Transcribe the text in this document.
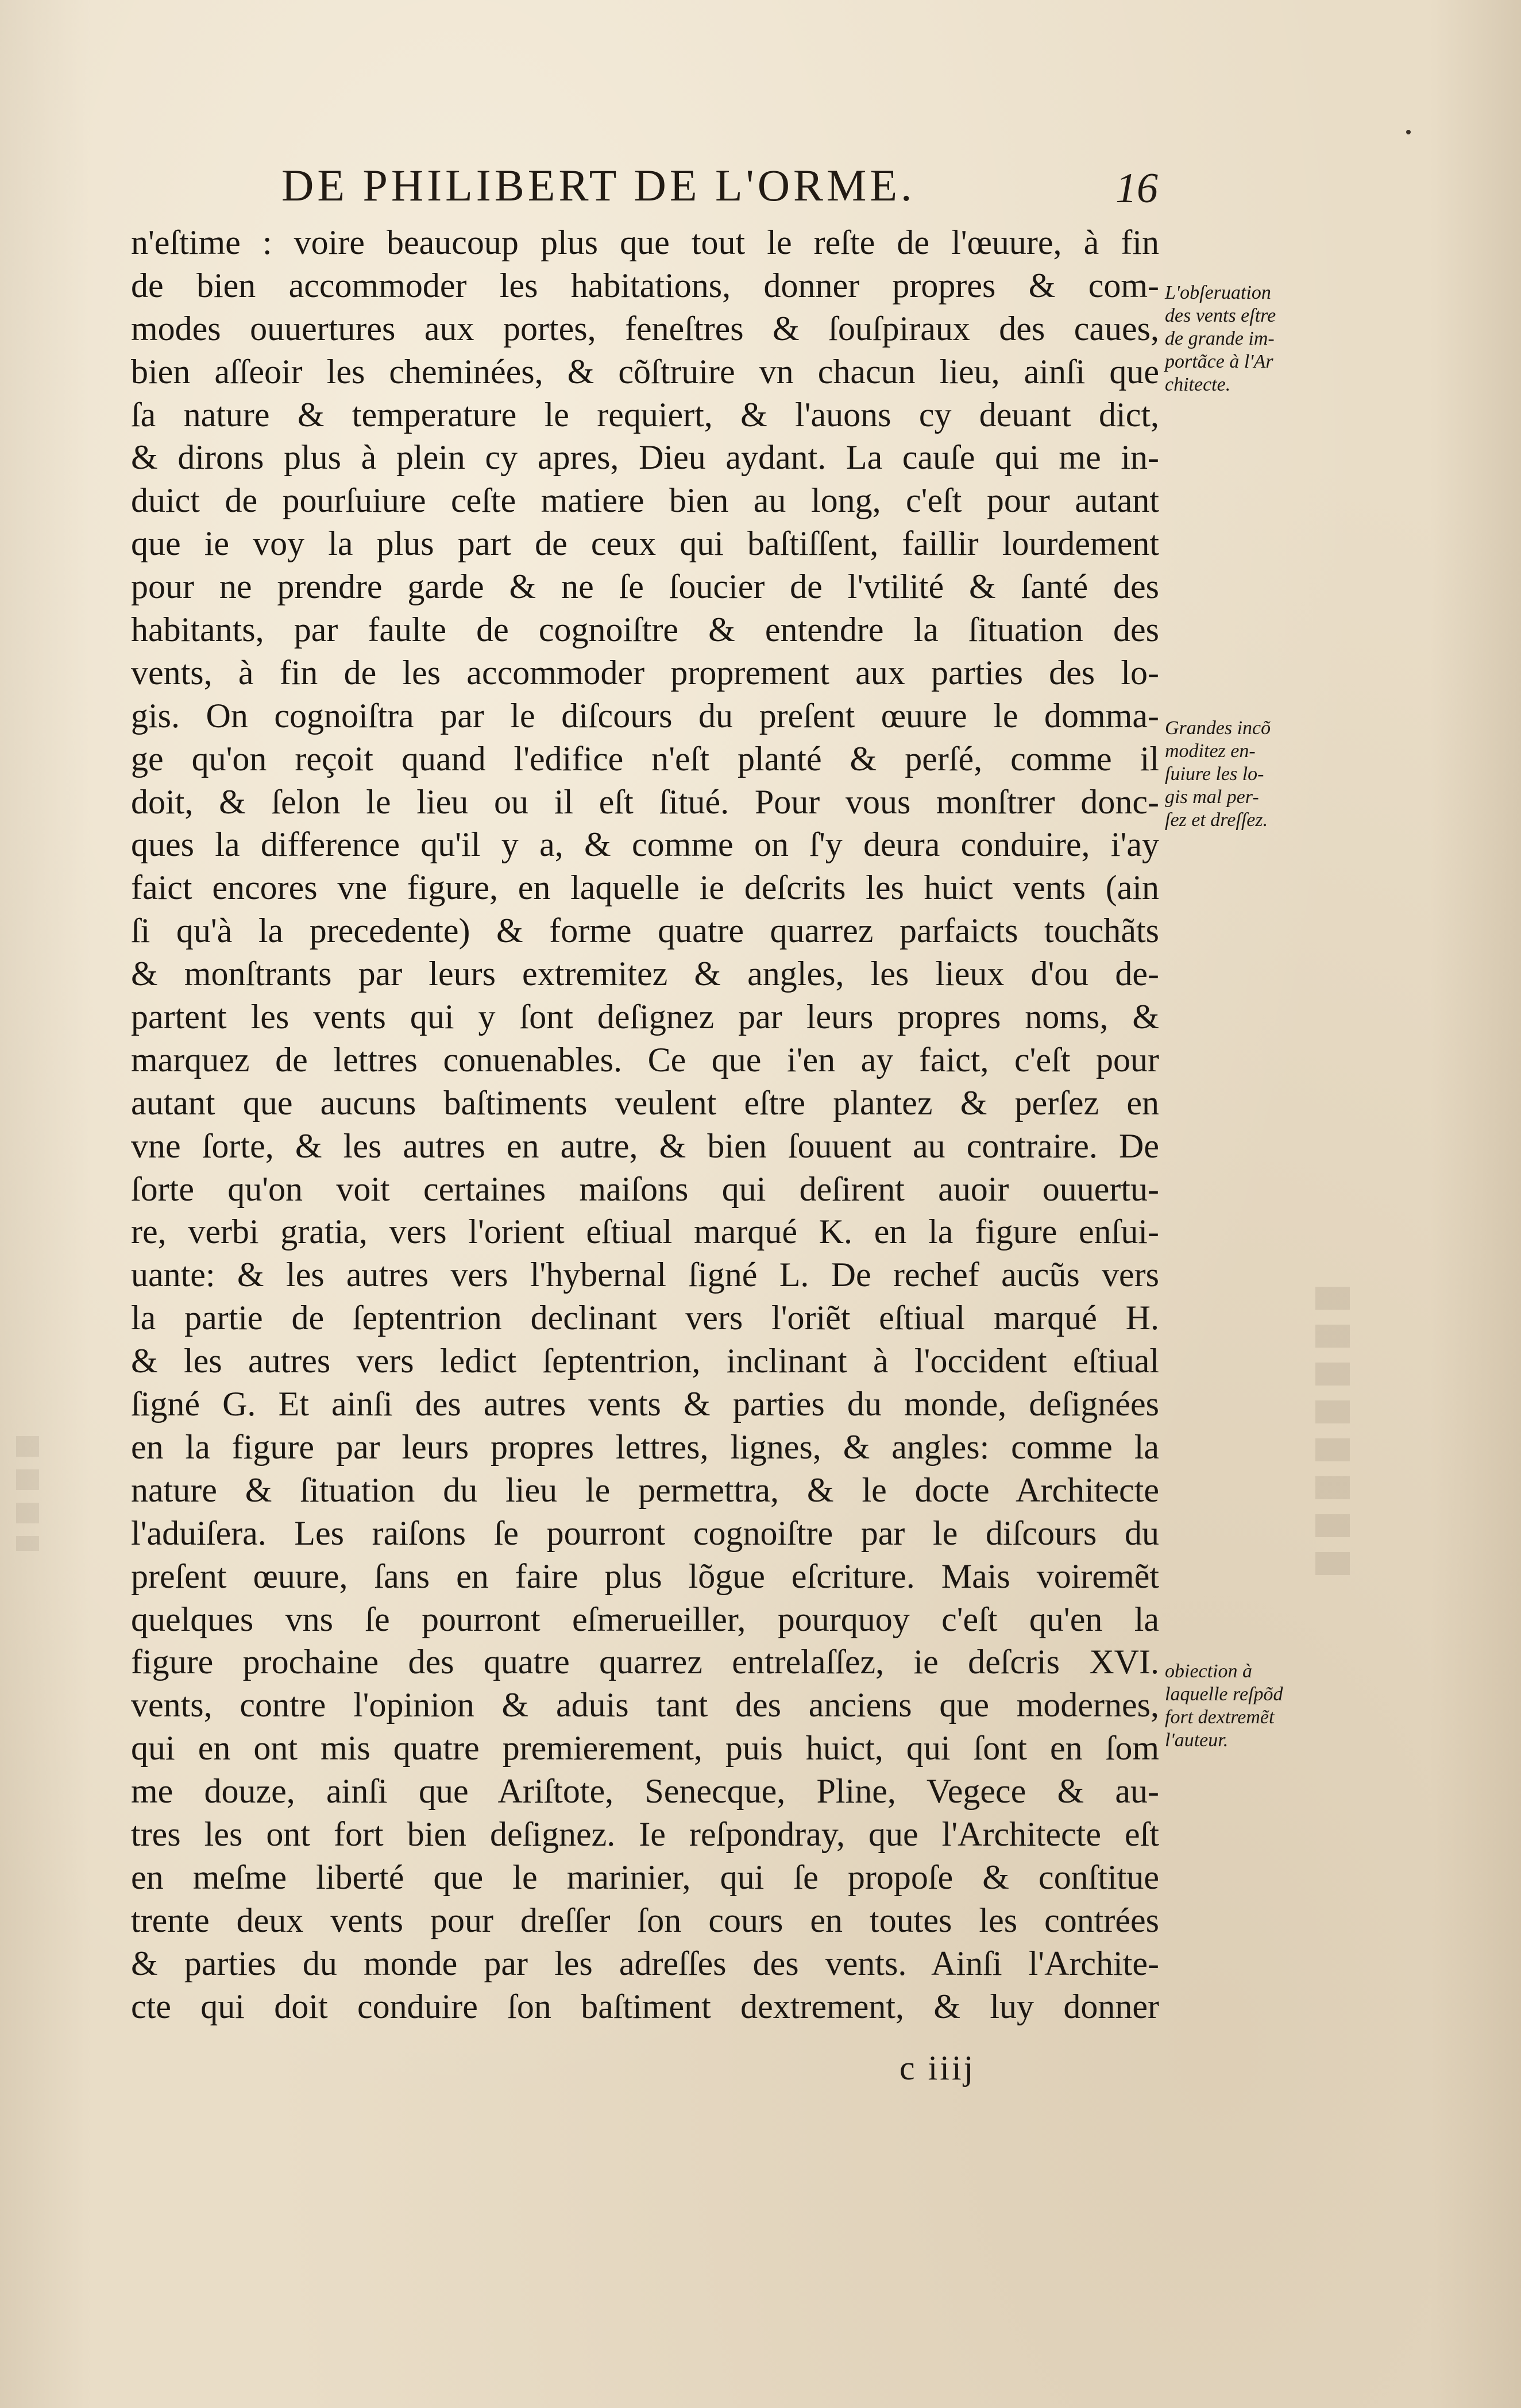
DE PHILIBERT DE L'ORME.	16
n'eſtime : voire beaucoup plus que tout le reſte de l'œuure, à fin
de bien accommoder les habitations, donner propres & com-
modes ouuertures aux portes, feneſtres & ſouſpiraux des caues,
bien aſſeoir les cheminées, & cõſtruire vn chacun lieu, ainſi que
ſa nature & temperature le requiert, & l'auons cy deuant dict,
& dirons plus à plein cy apres, Dieu aydant. La cauſe qui me in-
duict de pourſuiure ceſte matiere bien au long, c'eſt pour autant
que ie voy la plus part de ceux qui baſtiſſent, faillir lourdement
pour ne prendre garde & ne ſe ſoucier de l'vtilité & ſanté des
habitants, par faulte de cognoiſtre & entendre la ſituation des
vents, à fin de les accommoder proprement aux parties des lo-
gis. On cognoiſtra par le diſcours du preſent œuure le domma-
ge qu'on reçoit quand l'edifice n'eſt planté & perſé, comme il
doit, & ſelon le lieu ou il eſt ſitué. Pour vous monſtrer donc-
ques la difference qu'il y a, & comme on ſ'y deura conduire, i'ay
faict encores vne figure, en laquelle ie deſcrits les huict vents (ain
ſi qu'à la precedente) & forme quatre quarrez parfaicts touchãts
& monſtrants par leurs extremitez & angles, les lieux d'ou de-
partent les vents qui y ſont deſignez par leurs propres noms, &
marquez de lettres conuenables. Ce que i'en ay faict, c'eſt pour
autant que aucuns baſtiments veulent eſtre plantez & perſez en
vne ſorte, & les autres en autre, & bien ſouuent au contraire. De
ſorte qu'on voit certaines maiſons qui deſirent auoir ouuertu-
re, verbi gratia, vers l'orient eſtiual marqué K. en la figure enſui-
uante: & les autres vers l'hybernal ſigné L. De rechef aucũs vers
la partie de ſeptentrion declinant vers l'oriẽt eſtiual marqué H.
& les autres vers ledict ſeptentrion, inclinant à l'occident eſtiual
ſigné G. Et ainſi des autres vents & parties du monde, deſignées
en la figure par leurs propres lettres, lignes, & angles: comme la
nature & ſituation du lieu le permettra, & le docte Architecte
l'aduiſera. Les raiſons ſe pourront cognoiſtre par le diſcours du
preſent œuure, ſans en faire plus lõgue eſcriture. Mais voiremẽt
quelques vns ſe pourront eſmerueiller, pourquoy c'eſt qu'en la
figure prochaine des quatre quarrez entrelaſſez, ie deſcris XVI.
vents, contre l'opinion & aduis tant des anciens que modernes,
qui en ont mis quatre premierement, puis huict, qui ſont en ſom
me douze, ainſi que Ariſtote, Senecque, Pline, Vegece & au-
tres les ont fort bien deſignez. Ie reſpondray, que l'Architecte eſt
en meſme liberté que le marinier, qui ſe propoſe & conſtitue
trente deux vents pour dreſſer ſon cours en toutes les contrées
& parties du monde par les adreſſes des vents. Ainſi l'Archite-
cte qui doit conduire ſon baſtiment dextrement, & luy donner
L'obſeruation
des vents eſtre
de grande im-
portãce à l'Ar
chitecte.
Grandes incõ
moditez en-
ſuiure les lo-
gis mal per-
ſez et dreſſez.
obiection à
laquelle reſpõd
fort dextremẽt
l'auteur.
c iiij
